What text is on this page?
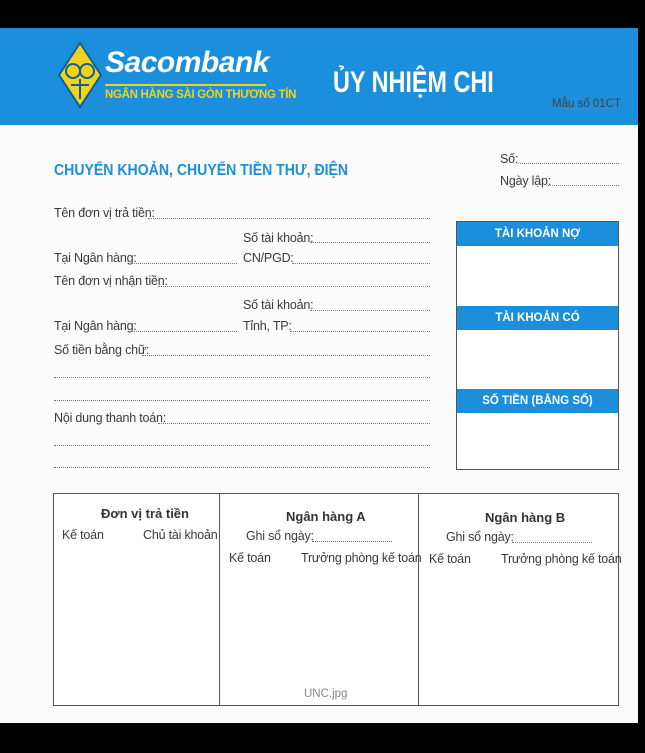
Sacombank
NGÂN HÀNG SÀI GÒN THƯƠNG TÍN ỦY NHIỆM CHI
Mẫu số 01CT
CHUYỂN KHOẢN, CHUYỂN TIỀN THƯ, ĐIỆN
Số:
Ngày lập:
Tên đơn vị trả tiền:
Số tài khoản:
Tại Ngân hàng:	CN/PGD:
Tên đơn vị nhận tiền:
Số tài khoản:
Tại Ngân hàng:	Tỉnh, TP:
Số tiền bằng chữ:
Nội dung thanh toán:
TÀI KHOẢN NỢ
TÀI KHOẢN CÓ
SỐ TIỀN (BẰNG SỐ)
Đơn vị trả tiền
Kế toán	Chủ tài khoản
Ngân hàng A
Ghi sổ ngày:
Kế toán Trưởng phòng kế toán
Ngân hàng B
Ghi sổ ngày:
Kế toán Trưởng phòng kế toán
UNC.jpg
